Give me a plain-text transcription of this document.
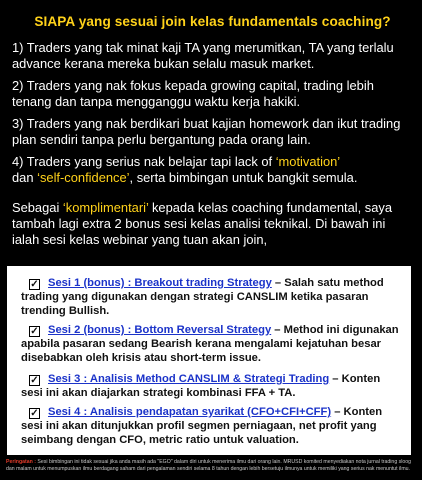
SIAPA yang sesuai join kelas fundamentals coaching?

1) Traders yang tak minat kaji TA yang merumitkan, TA yang terlalu advance kerana mereka bukan selalu masuk market.

2) Traders yang nak fokus kepada growing capital, trading lebih tenang dan tanpa mengganggu waktu kerja hakiki.

3) Traders yang nak berdikari buat kajian homework dan ikut trading plan sendiri tanpa perlu bergantung pada orang lain.

4) Traders yang serius nak belajar tapi lack of ‘motivation’
dan ‘self-confidence’, serta bimbingan untuk bangkit semula.

Sebagai ‘komplimentari’ kepada kelas coaching fundamental, saya tambah lagi extra 2 bonus sesi kelas analisi teknikal. Di bawah ini ialah sesi kelas webinar yang tuan akan join,

✓ Sesi 1 (bonus) : Breakout trading Strategy – Salah satu method trading yang digunakan dengan strategi CANSLIM ketika pasaran trending Bullish.
✓ Sesi 2 (bonus) : Bottom Reversal Strategy – Method ini digunakan apabila pasaran sedang Bearish kerana mengalami kejatuhan besar disebabkan oleh krisis atau short-term issue.
✓ Sesi 3 : Analisis Method CANSLIM & Strategi Trading – Konten sesi ini akan diajarkan strategi kombinasi FFA + TA.
✓ Sesi 4 : Analisis pendapatan syarikat (CFO+CFI+CFF) – Konten sesi ini akan ditunjukkan profil segmen perniagaan, net profit yang seimbang dengan CFO, metric ratio untuk valuation.
Peringatan : Sesi bimbingan ini tidak sesuai jika anda masih ada "EGO" dalam diri untuk menerima ilmu dari orang lain. MRUSD komited menyediakan nota jurnal trading sloog dan malam untuk menumpuskan ilmu berdagang saham dari pengalaman sendiri selama 8 tahun dengan lebih bersetuju ilmunya untuk memiliki yang serius nak menuntut ilmu.
